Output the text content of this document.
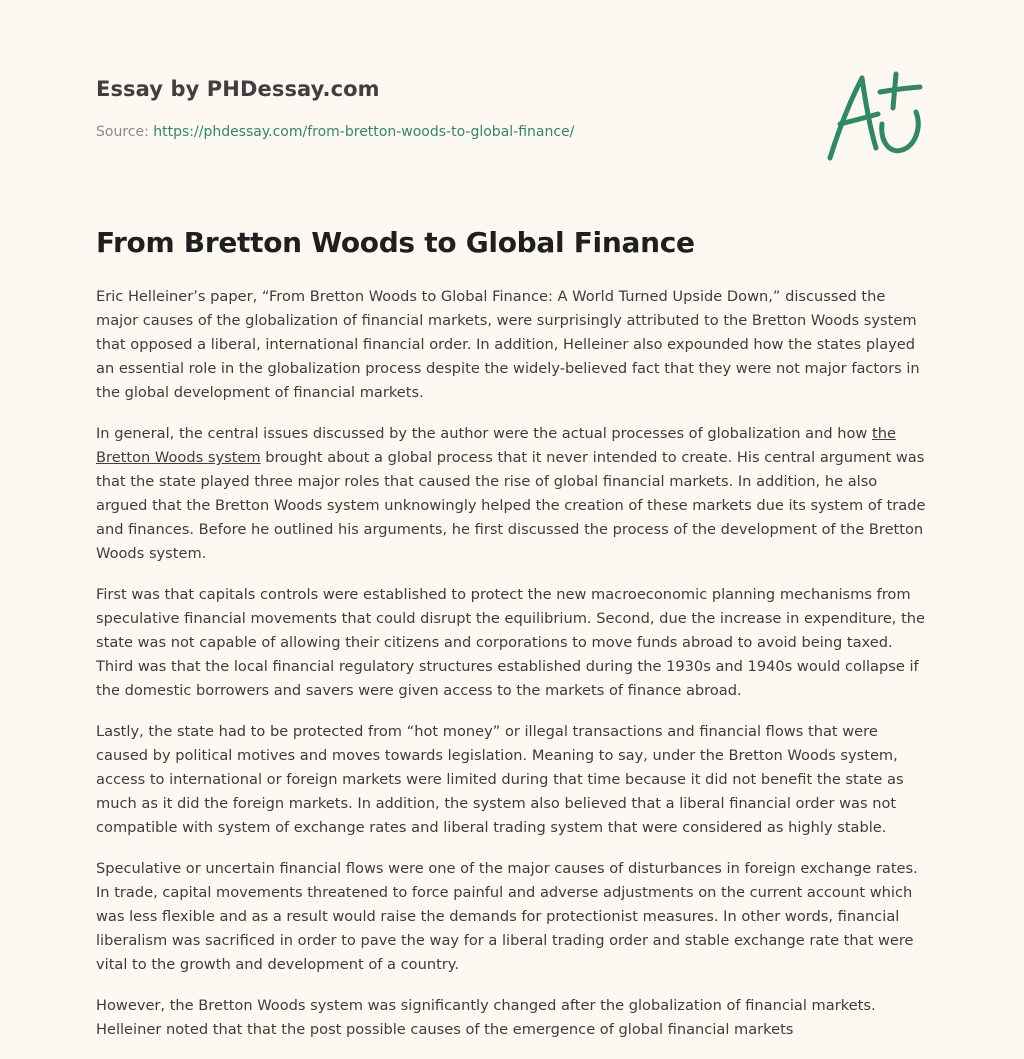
Essay by PHDessay.com
Source: https://phdessay.com/from-bretton-woods-to-global-finance/
From Bretton Woods to Global Finance

Eric Helleiner’s paper, “From Bretton Woods to Global Finance: A World Turned Upside Down,” discussed the major causes of the globalization of financial markets, were surprisingly attributed to the Bretton Woods system that opposed a liberal, international financial order. In addition, Helleiner also expounded how the states played an essential role in the globalization process despite the widely-believed fact that they were not major factors in the global development of financial markets.

In general, the central issues discussed by the author were the actual processes of globalization and how the Bretton Woods system brought about a global process that it never intended to create. His central argument was that the state played three major roles that caused the rise of global financial markets. In addition, he also argued that the Bretton Woods system unknowingly helped the creation of these markets due its system of trade and finances. Before he outlined his arguments, he first discussed the process of the development of the Bretton Woods system.

First was that capitals controls were established to protect the new macroeconomic planning mechanisms from speculative financial movements that could disrupt the equilibrium. Second, due the increase in expenditure, the state was not capable of allowing their citizens and corporations to move funds abroad to avoid being taxed. Third was that the local financial regulatory structures established during the 1930s and 1940s would collapse if the domestic borrowers and savers were given access to the markets of finance abroad.

Lastly, the state had to be protected from “hot money” or illegal transactions and financial flows that were caused by political motives and moves towards legislation. Meaning to say, under the Bretton Woods system, access to international or foreign markets were limited during that time because it did not benefit the state as much as it did the foreign markets. In addition, the system also believed that a liberal financial order was not compatible with system of exchange rates and liberal trading system that were considered as highly stable.

Speculative or uncertain financial flows were one of the major causes of disturbances in foreign exchange rates. In trade, capital movements threatened to force painful and adverse adjustments on the current account which was less flexible and as a result would raise the demands for protectionist measures. In other words, financial liberalism was sacrificed in order to pave the way for a liberal trading order and stable exchange rate that were vital to the growth and development of a country.

However, the Bretton Woods system was significantly changed after the globalization of financial markets. Helleiner noted that that the post possible causes of the emergence of global financial markets
